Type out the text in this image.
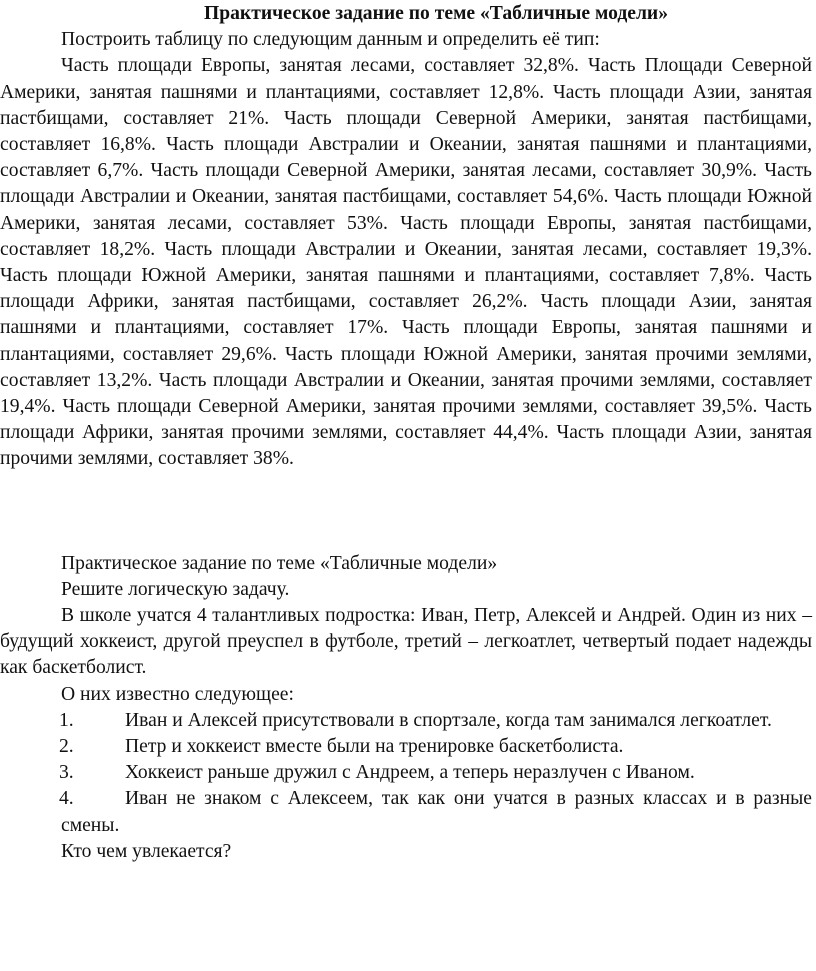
Практическое задание по теме «Табличные модели»

Построить таблицу по следующим данным и определить её тип:

Часть площади Европы, занятая лесами, составляет 32,8%. Часть Площади Северной Америки, занятая пашнями и плантациями, составляет 12,8%. Часть площади Азии, занятая пастбищами, составляет 21%. Часть площади Северной Америки, занятая пастбищами, составляет 16,8%. Часть площади Австралии и Океании, занятая пашнями и плантациями, составляет 6,7%. Часть площади Северной Америки, занятая лесами, составляет 30,9%. Часть площади Австралии и Океании, занятая пастбищами, составляет 54,6%. Часть площади Южной Америки, занятая лесами, составляет 53%. Часть площади Европы, занятая пастбищами, составляет 18,2%. Часть площади Австралии и Океании, занятая лесами, составляет 19,3%. Часть площади Южной Америки, занятая пашнями и плантациями, составляет 7,8%. Часть площади Африки, занятая пастбищами, составляет 26,2%. Часть площади Азии, занятая пашнями и плантациями, составляет 17%. Часть площади Европы, занятая пашнями и плантациями, составляет 29,6%. Часть площади Южной Америки, занятая прочими землями, составляет 13,2%. Часть площади Австралии и Океании, занятая прочими землями, составляет 19,4%. Часть площади Северной Америки, занятая прочими землями, составляет 39,5%. Часть площади Африки, занятая прочими землями, составляет 44,4%. Часть площади Азии, занятая прочими землями, составляет 38%.

Практическое задание по теме «Табличные модели»

Решите логическую задачу.

В школе учатся 4 талантливых подростка: Иван, Петр, Алексей и Андрей. Один из них – будущий хоккеист, другой преуспел в футболе, третий – легкоатлет, четвертый подает надежды как баскетболист.

О них известно следующее:

1.	Иван и Алексей присутствовали в спортзале, когда там занимался легкоатлет.

2.	Петр и хоккеист вместе были на тренировке баскетболиста.

3.	Хоккеист раньше дружил с Андреем, а теперь неразлучен с Иваном.

4.	Иван не знаком с Алексеем, так как они учатся в разных классах и в разные смены.

Кто чем увлекается?
